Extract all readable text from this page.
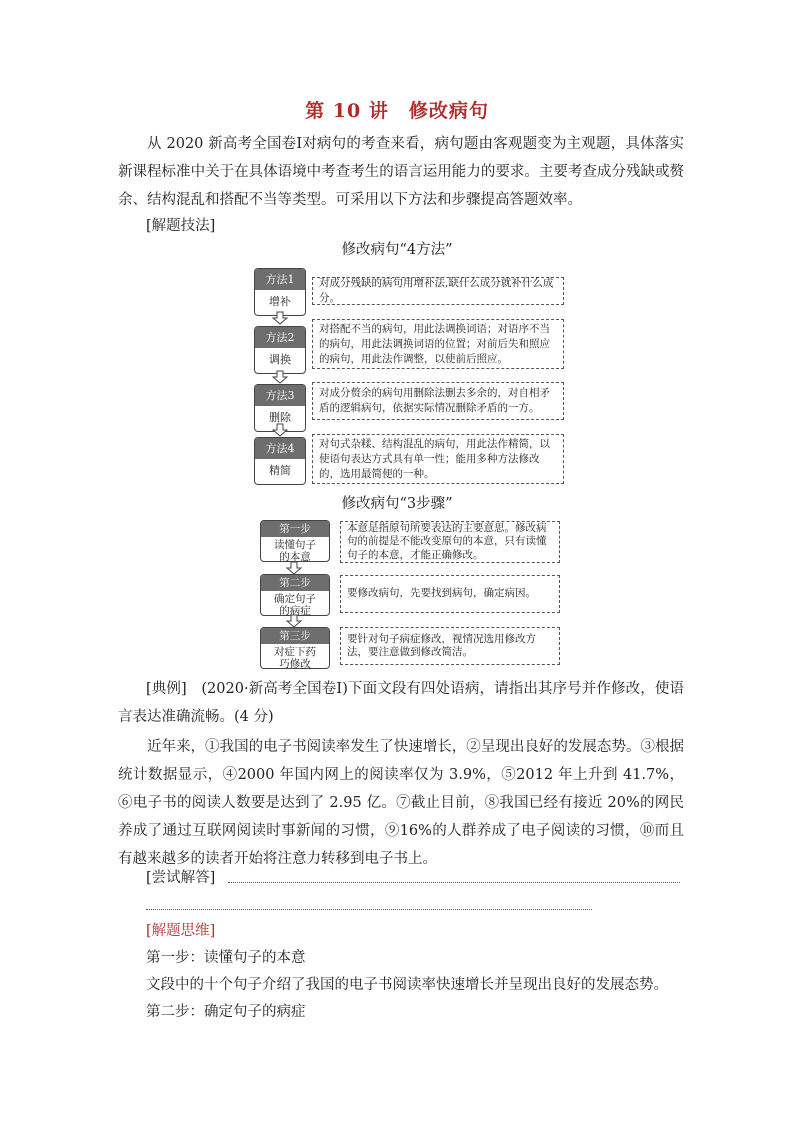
第 10 讲　修改病句
从 2020 新高考全国卷Ⅰ对病句的考查来看，病句题由客观题变为主观题，具体落实新课程标准中关于在具体语境中考查考生的语言运用能力的要求。主要考查成分残缺或赘余、结构混乱和搭配不当等类型。可采用以下方法和步骤提高答题效率。
[解题技法]
修改病句“4方法”
方法1
增补
对成分残缺的病句用增补法,缺什么成分就补什么成分。
方法2
调换
对搭配不当的病句，用此法调换词语；对语序不当的病句，用此法调换词语的位置；对前后失和照应的病句，用此法作调整，以使前后照应。
方法3
删除
对成分赘余的病句用删除法删去多余的，对自相矛盾的逻辑病句，依据实际情况删除矛盾的一方。
方法4
精简
对句式杂糅、结构混乱的病句，用此法作精简，以使语句表达方式具有单一性；能用多种方法修改的，选用最简便的一种。
修改病句“3步骤”
第一步
读懂句子
的本意
本意是指原句所要表达的主要意思。修改病句的前提是不能改变原句的本意，只有读懂句子的本意，才能正确修改。
第二步
确定句子
的病症
要修改病句，先要找到病句，确定病因。
第三步
对症下药
巧修改
要针对句子病症修改，视情况选用修改方法，要注意做到修改简洁。
[典例]　(2020·新高考全国卷Ⅰ)下面文段有四处语病，请指出其序号并作修改，使语言表达准确流畅。(4 分)
近年来，①我国的电子书阅读率发生了快速增长，②呈现出良好的发展态势。③根据统计数据显示，④2000 年国内网上的阅读率仅为 3.9%，⑤2012 年上升到 41.7%，⑥电子书的阅读人数要是达到了 2.95 亿。⑦截止目前，⑧我国已经有接近 20%的网民养成了通过互联网阅读时事新闻的习惯，⑨16%的人群养成了电子阅读的习惯，⑩而且有越来越多的读者开始将注意力转移到电子书上。
[尝试解答]
[解题思维]
第一步：读懂句子的本意
文段中的十个句子介绍了我国的电子书阅读率快速增长并呈现出良好的发展态势。
第二步：确定句子的病症
